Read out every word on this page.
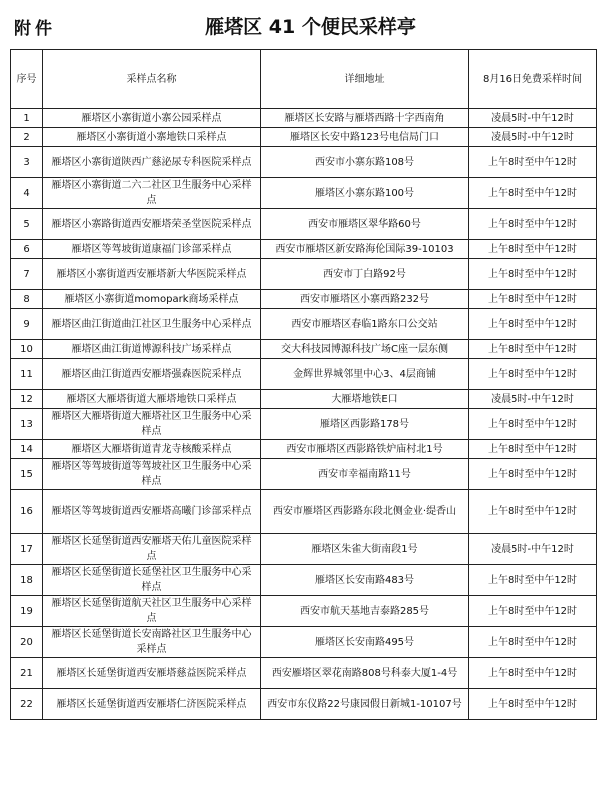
附件	雁塔区 41 个便民采样亭
序号	采样点名称	详细地址	8月16日免费采样时间
1	雁塔区小寨街道小寨公园采样点	雁塔区长安路与雁塔西路十字西南角	凌晨5时-中午12时
2	雁塔区小寨街道小寨地铁口采样点	雁塔区长安中路123号电信局门口	凌晨5时-中午12时
3	雁塔区小寨街道陕西广慈泌尿专科医院采样点	西安市小寨东路108号	上午8时至中午12时
4	雁塔区小寨街道二六二社区卫生服务中心采样点	雁塔区小寨东路100号	上午8时至中午12时
5	雁塔区小寨路街道西安雁塔荣圣堂医院采样点	西安市雁塔区翠华路60号	上午8时至中午12时
6	雁塔区等驾坡街道康福门诊部采样点	西安市雁塔区新安路海伦国际39-10103	上午8时至中午12时
7	雁塔区小寨街道西安雁塔新大华医院采样点	西安市丁白路92号	上午8时至中午12时
8	雁塔区小寨街道momopark商场采样点	西安市雁塔区小寨西路232号	上午8时至中午12时
9	雁塔区曲江街道曲江社区卫生服务中心采样点	西安市雁塔区春临1路东口公交站	上午8时至中午12时
10	雁塔区曲江街道博源科技广场采样点	交大科技园博源科技广场C座一层东侧	上午8时至中午12时
11	雁塔区曲江街道西安雁塔强森医院采样点	金辉世界城邻里中心3、4层商铺	上午8时至中午12时
12	雁塔区大雁塔街道大雁塔地铁口采样点	大雁塔地铁E口	凌晨5时-中午12时
13	雁塔区大雁塔街道大雁塔社区卫生服务中心采样点	雁塔区西影路178号	上午8时至中午12时
14	雁塔区大雁塔街道青龙寺核酸采样点	西安市雁塔区西影路铁炉庙村北1号	上午8时至中午12时
15	雁塔区等驾坡街道等驾坡社区卫生服务中心采样点	西安市幸福南路11号	上午8时至中午12时
16	雁塔区等驾坡街道西安雁塔高曦门诊部采样点	西安市雁塔区西影路东段北侧金业·缇香山	上午8时至中午12时
17	雁塔区长延堡街道西安雁塔天佑儿童医院采样点	雁塔区朱雀大街南段1号	凌晨5时-中午12时
18	雁塔区长延堡街道长延堡社区卫生服务中心采样点	雁塔区长安南路483号	上午8时至中午12时
19	雁塔区长延堡街道航天社区卫生服务中心采样点	西安市航天基地吉泰路285号	上午8时至中午12时
20	雁塔区长延堡街道长安南路社区卫生服务中心采样点	雁塔区长安南路495号	上午8时至中午12时
21	雁塔区长延堡街道西安雁塔慈益医院采样点	西安雁塔区翠花南路808号科泰大厦1-4号	上午8时至中午12时
22	雁塔区长延堡街道西安雁塔仁济医院采样点	西安市东仪路22号康园假日新城1-10107号	上午8时至中午12时
